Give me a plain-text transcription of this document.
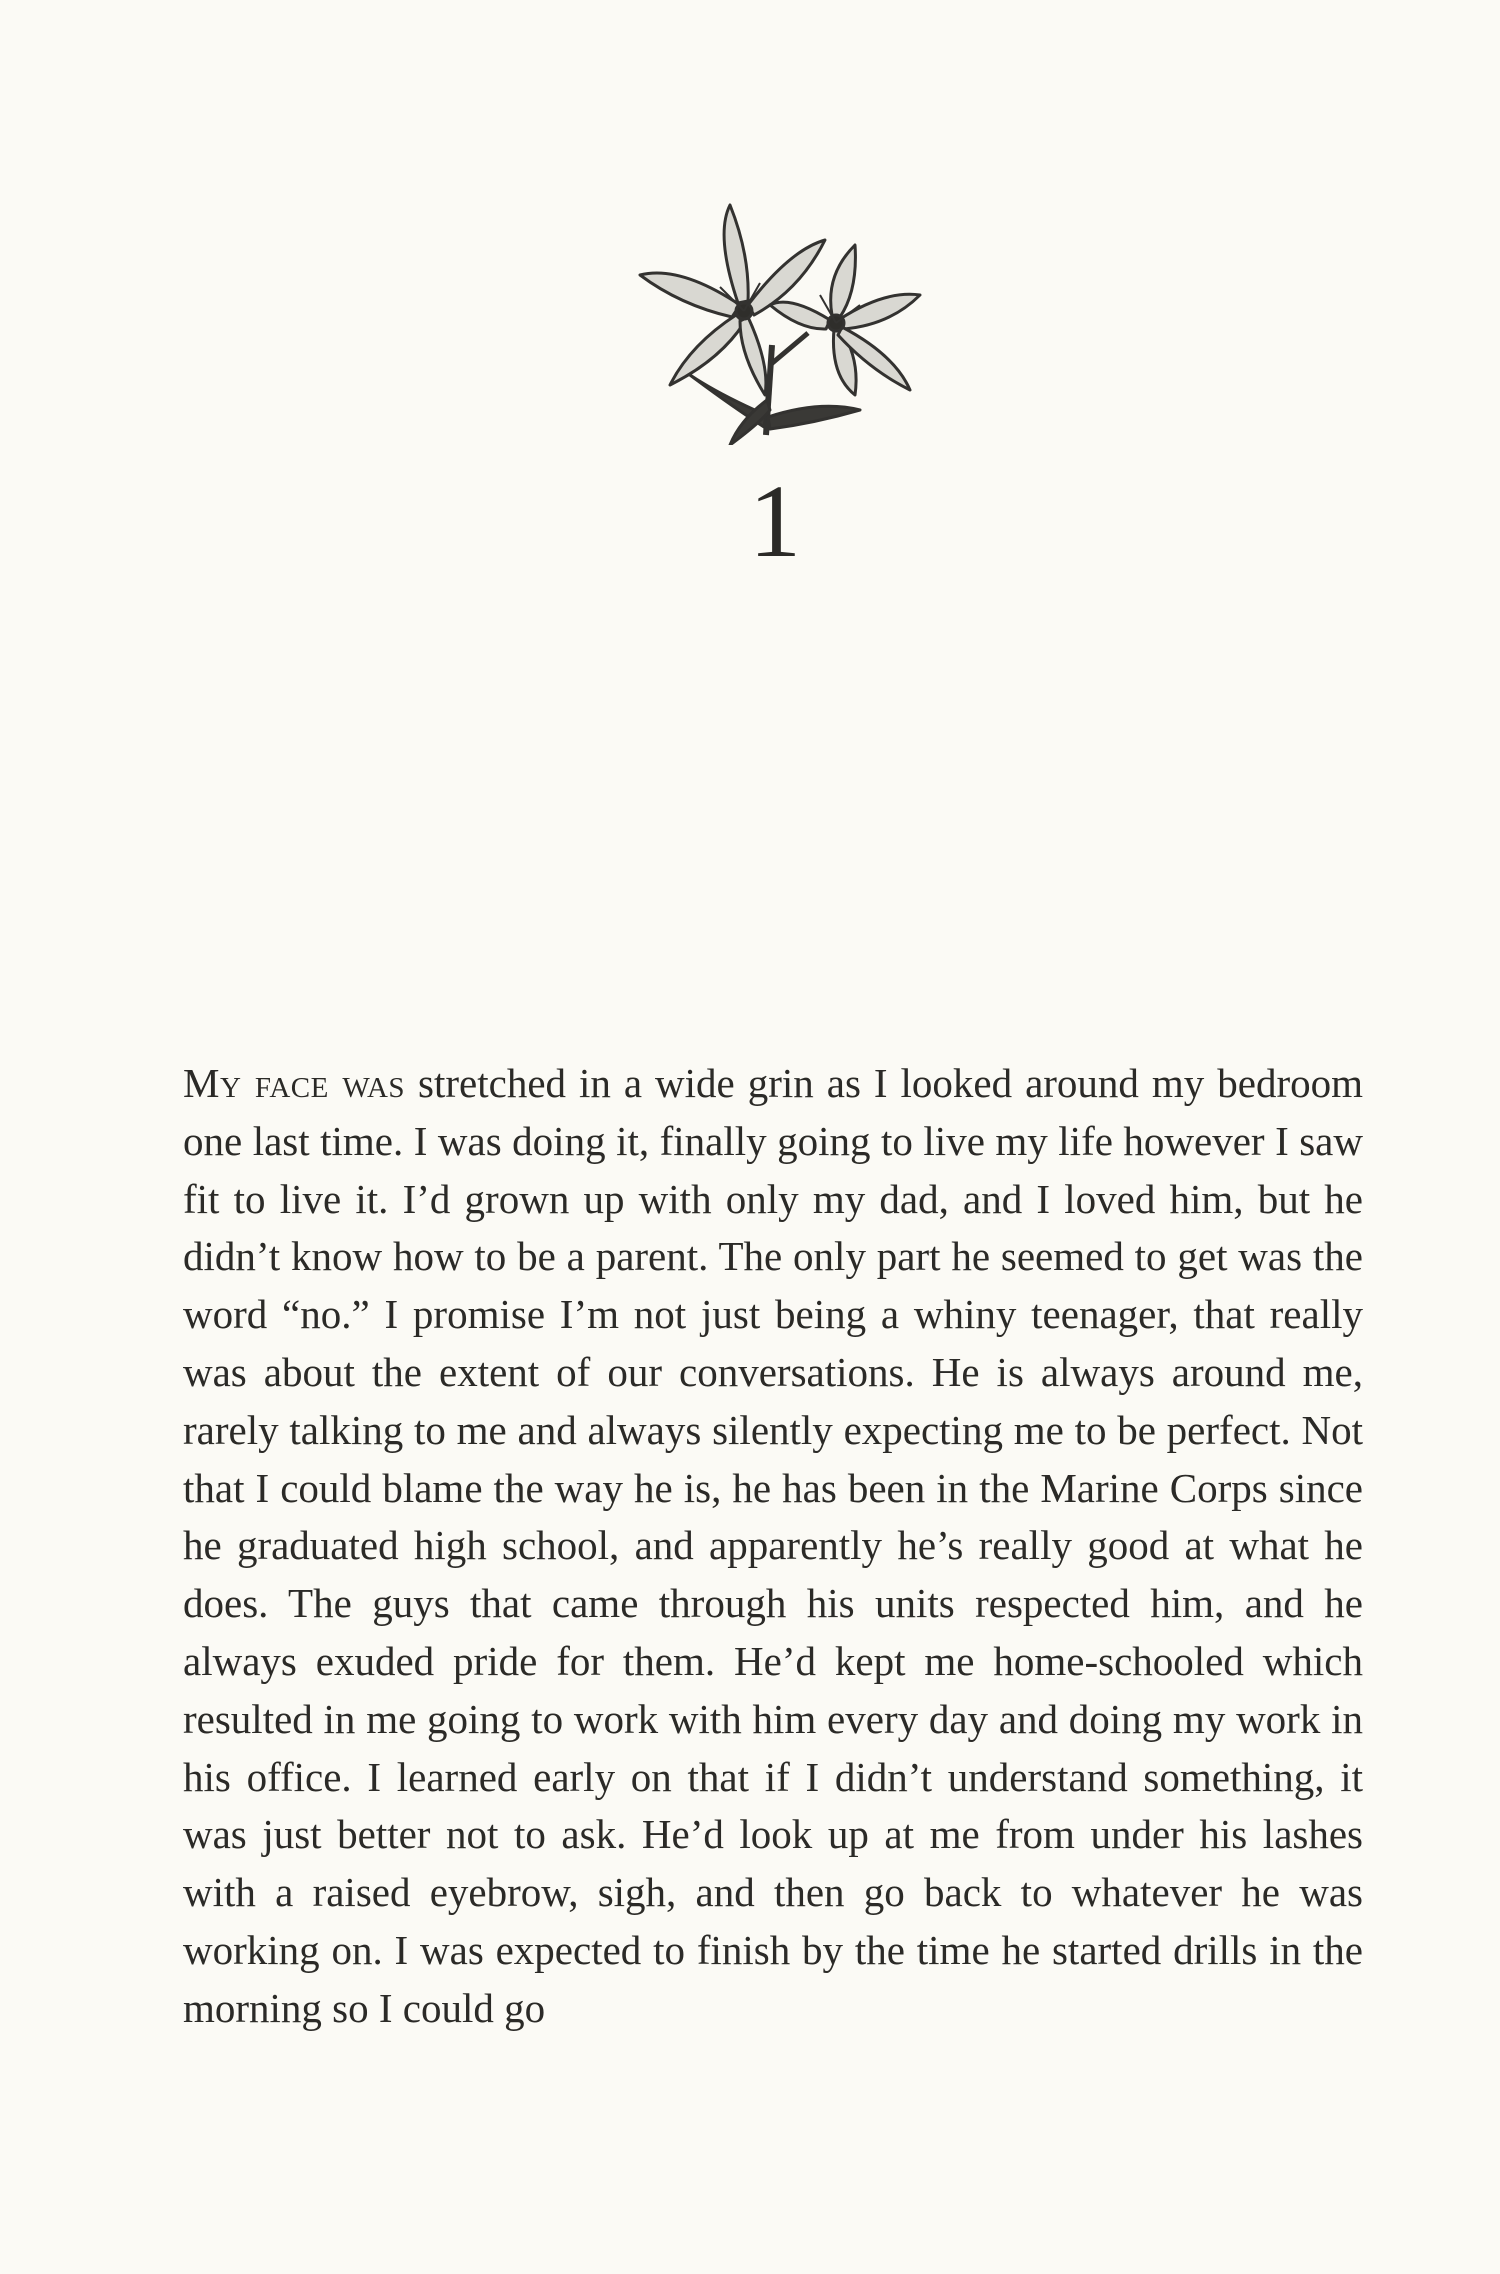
1

My face was stretched in a wide grin as I looked around my bedroom one last time. I was doing it, finally going to live my life however I saw fit to live it. I’d grown up with only my dad, and I loved him, but he didn’t know how to be a parent. The only part he seemed to get was the word “no.” I promise I’m not just being a whiny teenager, that really was about the extent of our conversations. He is always around me, rarely talking to me and always silently expecting me to be perfect. Not that I could blame the way he is, he has been in the Marine Corps since he graduated high school, and apparently he’s really good at what he does. The guys that came through his units respected him, and he always exuded pride for them. He’d kept me home-schooled which resulted in me going to work with him every day and doing my work in his office. I learned early on that if I didn’t understand something, it was just better not to ask. He’d look up at me from under his lashes with a raised eyebrow, sigh, and then go back to whatever he was working on. I was expected to finish by the time he started drills in the morning so I could go
